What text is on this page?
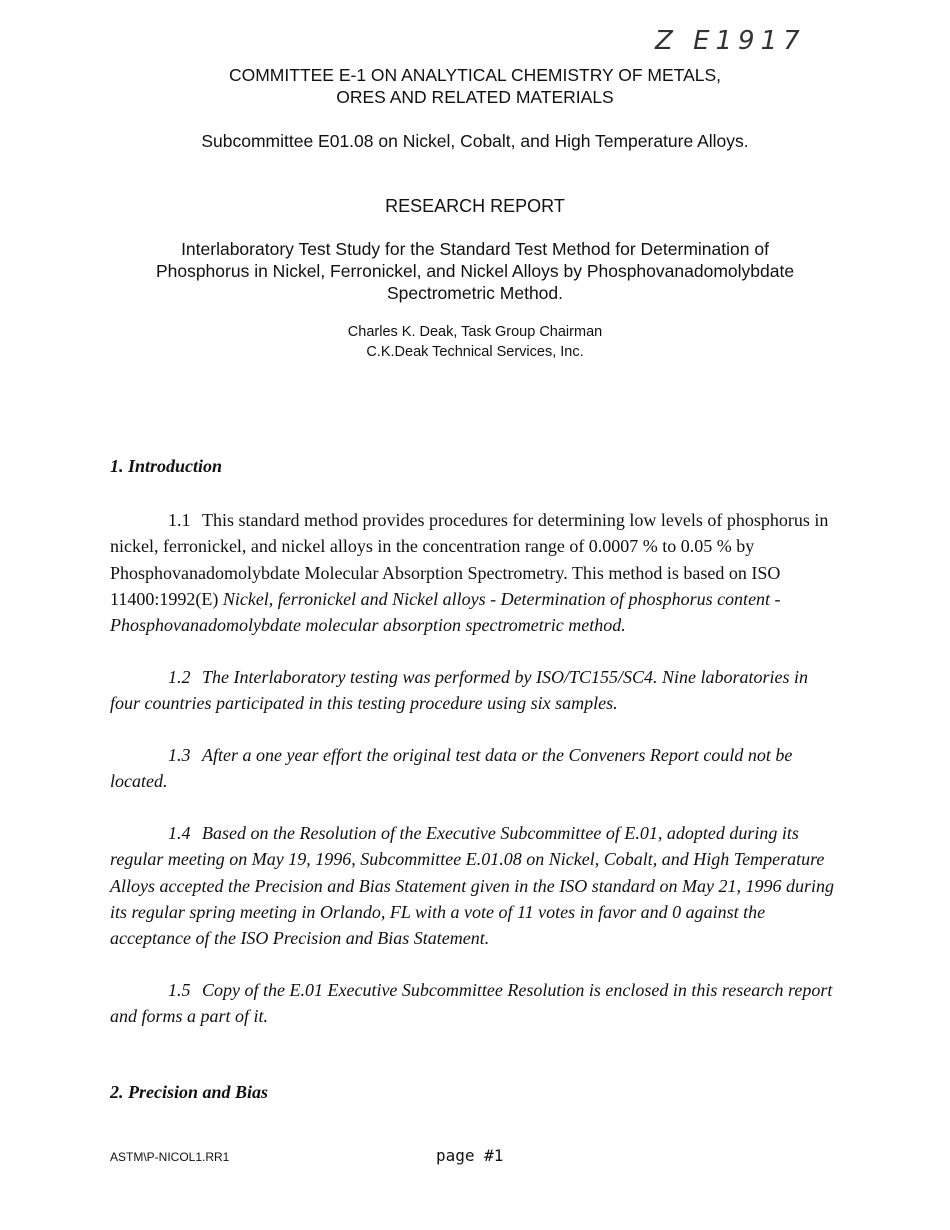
Z E1917
COMMITTEE E-1 ON ANALYTICAL CHEMISTRY OF METALS,
ORES AND RELATED MATERIALS
Subcommittee E01.08 on Nickel, Cobalt, and High Temperature Alloys.
RESEARCH REPORT
Interlaboratory Test Study for the Standard Test Method for Determination of
Phosphorus in Nickel, Ferronickel, and Nickel Alloys by Phosphovanadomolybdate
Spectrometric Method.
Charles K. Deak, Task Group Chairman
C.K.Deak Technical Services, Inc.
1. Introduction
1.1 This standard method provides procedures for determining low levels of phosphorus in nickel, ferronickel, and nickel alloys in the concentration range of 0.0007 % to 0.05 % by Phosphovanadomolybdate Molecular Absorption Spectrometry. This method is based on ISO 11400:1992(E) Nickel, ferronickel and Nickel alloys - Determination of phosphorus content - Phosphovanadomolybdate molecular absorption spectrometric method.
1.2 The Interlaboratory testing was performed by ISO/TC155/SC4. Nine laboratories in four countries participated in this testing procedure using six samples.
1.3 After a one year effort the original test data or the Conveners Report could not be located.
1.4 Based on the Resolution of the Executive Subcommittee of E.01, adopted during its regular meeting on May 19, 1996, Subcommittee E.01.08 on Nickel, Cobalt, and High Temperature Alloys accepted the Precision and Bias Statement given in the ISO standard on May 21, 1996 during its regular spring meeting in Orlando, FL with a vote of 11 votes in favor and 0 against the acceptance of the ISO Precision and Bias Statement.
1.5 Copy of the E.01 Executive Subcommittee Resolution is enclosed in this research report and forms a part of it.
2. Precision and Bias
ASTM\P-NICOL1.RR1	page #1
